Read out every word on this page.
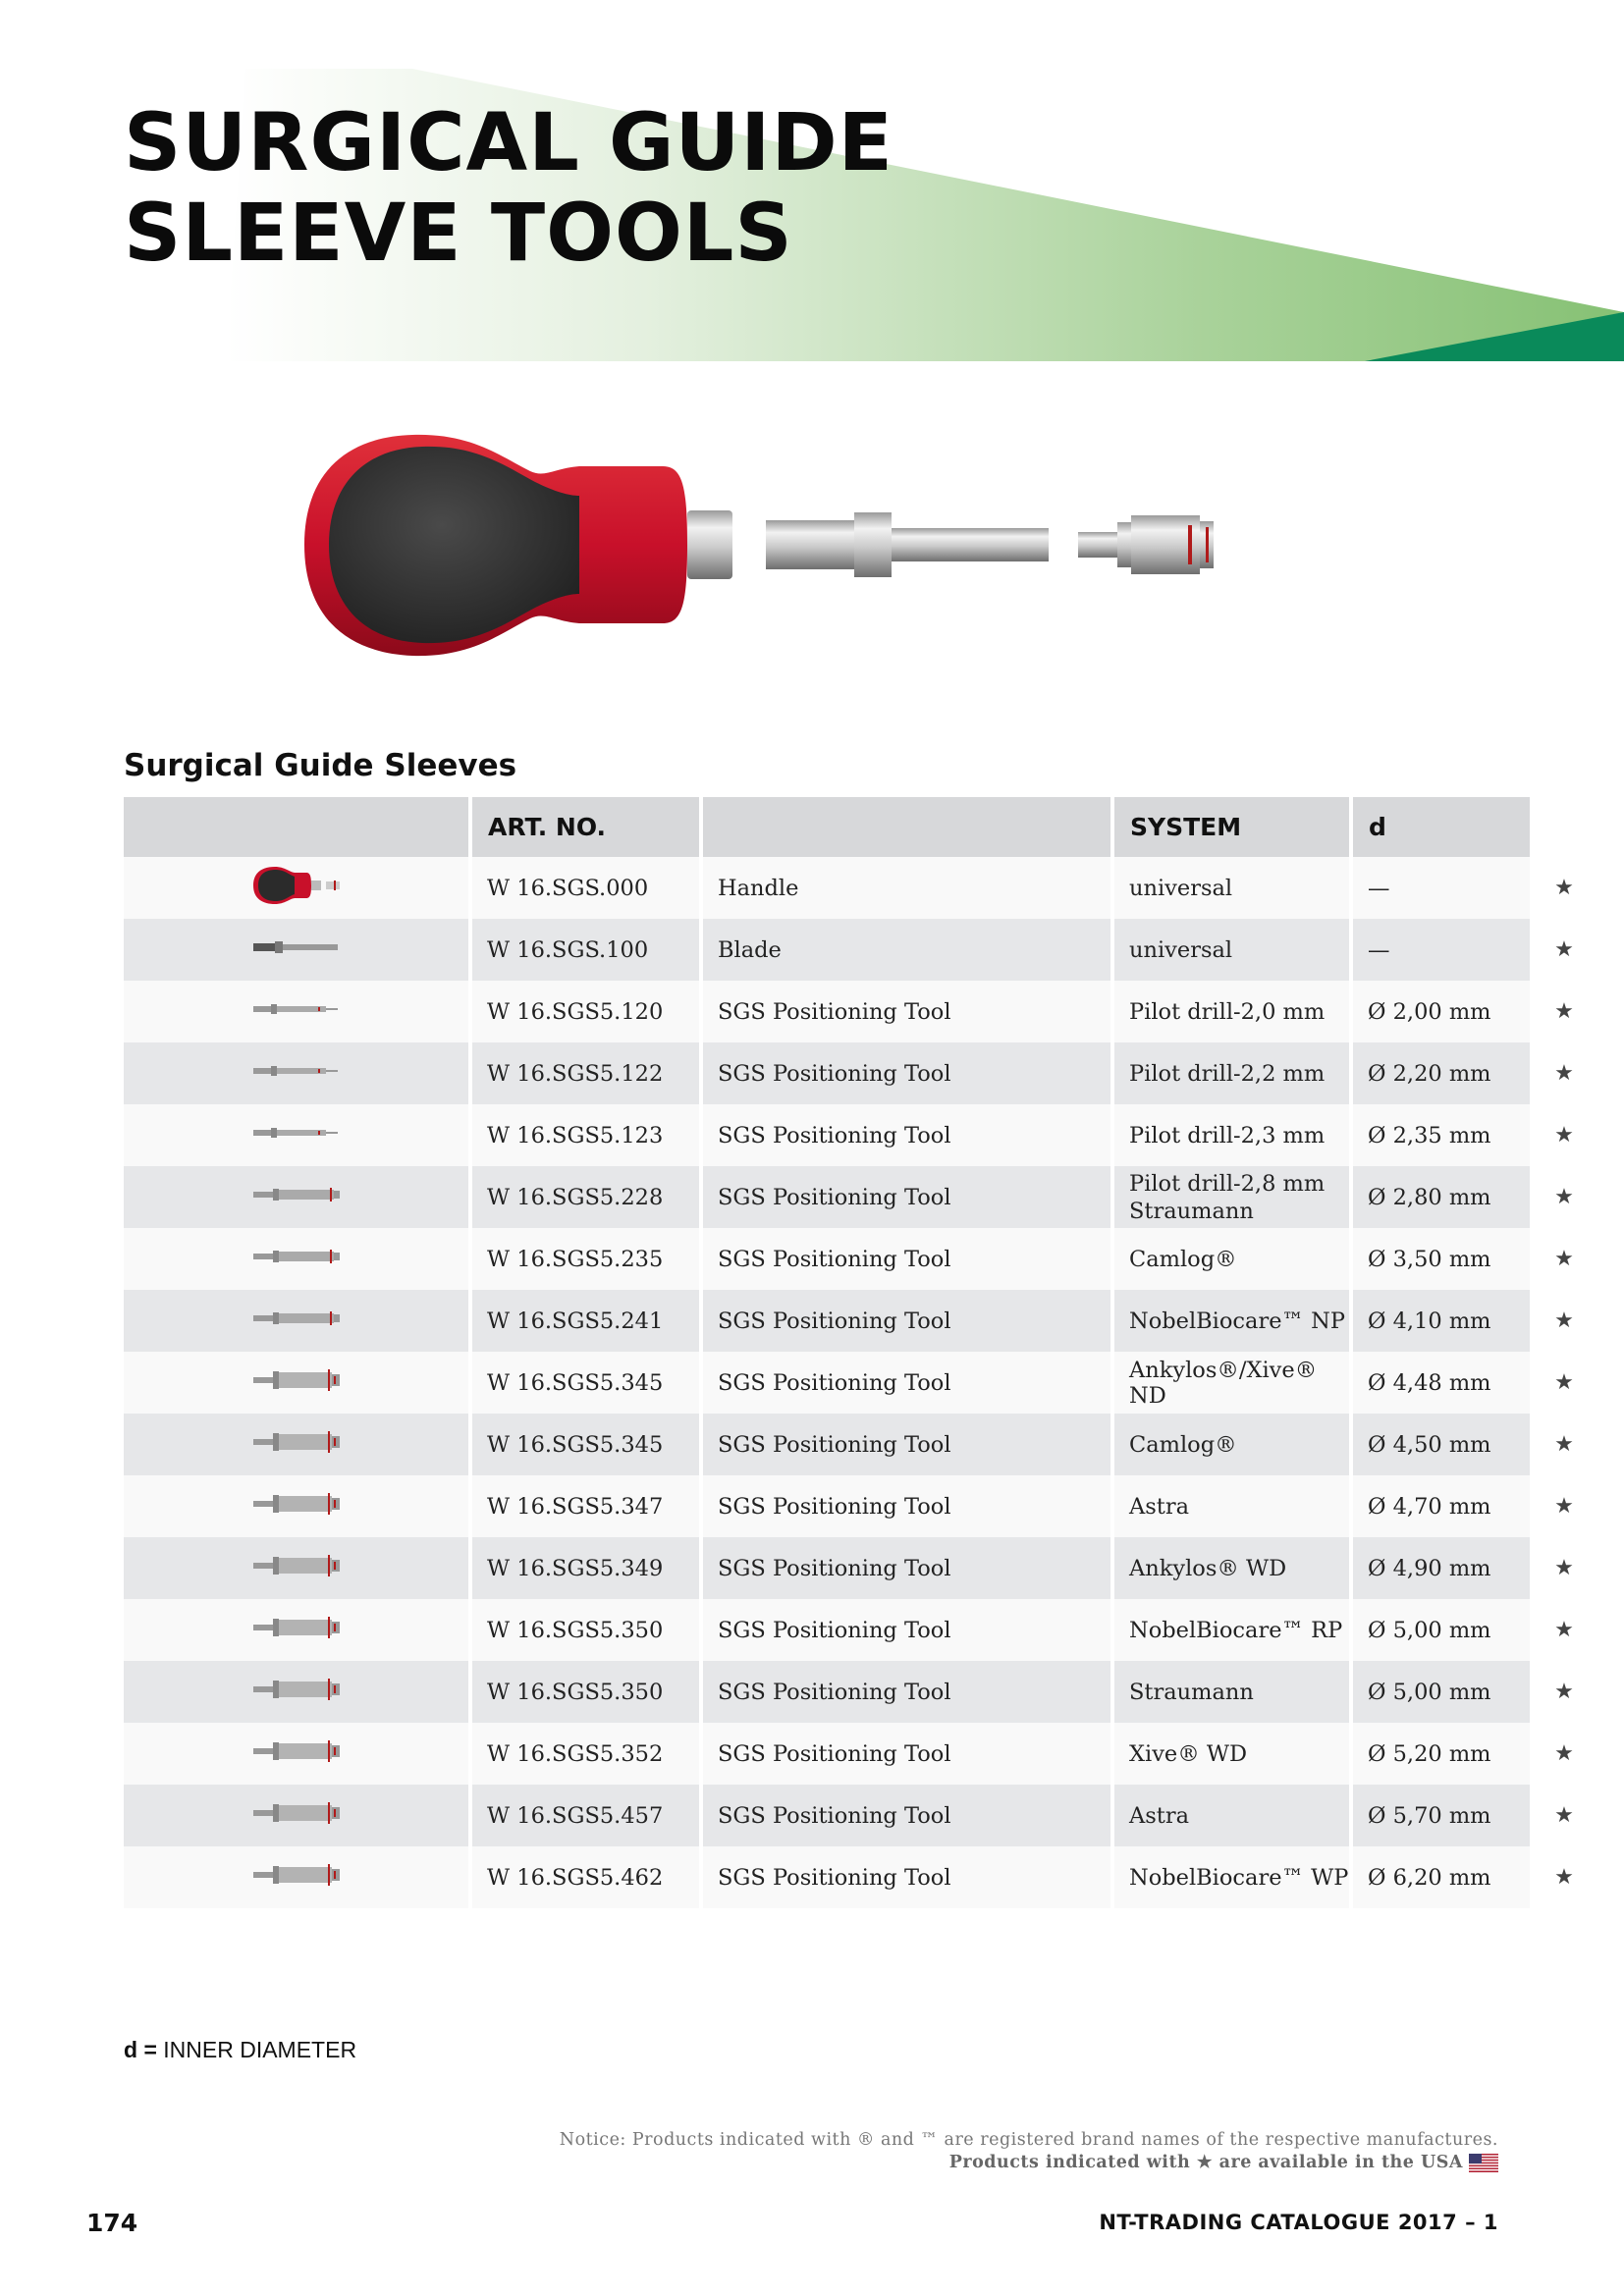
SURGICAL GUIDE
SLEEVE TOOLS
Surgical Guide Sleeves
	ART. NO.		SYSTEM	d	
	W 16.SGS.000	Handle	universal	—	★
	W 16.SGS.100	Blade	universal	—	★
	W 16.SGS5.120	SGS Positioning Tool	Pilot drill-2,0 mm	Ø 2,00 mm	★
	W 16.SGS5.122	SGS Positioning Tool	Pilot drill-2,2 mm	Ø 2,20 mm	★
	W 16.SGS5.123	SGS Positioning Tool	Pilot drill-2,3 mm	Ø 2,35 mm	★
	W 16.SGS5.228	SGS Positioning Tool	Pilot drill-2,8 mm
Straumann	Ø 2,80 mm	★
	W 16.SGS5.235	SGS Positioning Tool	Camlog®	Ø 3,50 mm	★
	W 16.SGS5.241	SGS Positioning Tool	NobelBiocare™ NP	Ø 4,10 mm	★
	W 16.SGS5.345	SGS Positioning Tool	Ankylos®/Xive® ND	Ø 4,48 mm	★
	W 16.SGS5.345	SGS Positioning Tool	Camlog®	Ø 4,50 mm	★
	W 16.SGS5.347	SGS Positioning Tool	Astra	Ø 4,70 mm	★
	W 16.SGS5.349	SGS Positioning Tool	Ankylos® WD	Ø 4,90 mm	★
	W 16.SGS5.350	SGS Positioning Tool	NobelBiocare™ RP	Ø 5,00 mm	★
	W 16.SGS5.350	SGS Positioning Tool	Straumann	Ø 5,00 mm	★
	W 16.SGS5.352	SGS Positioning Tool	Xive® WD	Ø 5,20 mm	★
	W 16.SGS5.457	SGS Positioning Tool	Astra	Ø 5,70 mm	★
	W 16.SGS5.462	SGS Positioning Tool	NobelBiocare™ WP	Ø 6,20 mm	★
d = INNER DIAMETER
Notice: Products indicated with ® and ™ are registered brand names of the respective manufactures.
Products indicated with ★ are available in the USA
174	NT-TRADING CATALOGUE 2017 – 1
